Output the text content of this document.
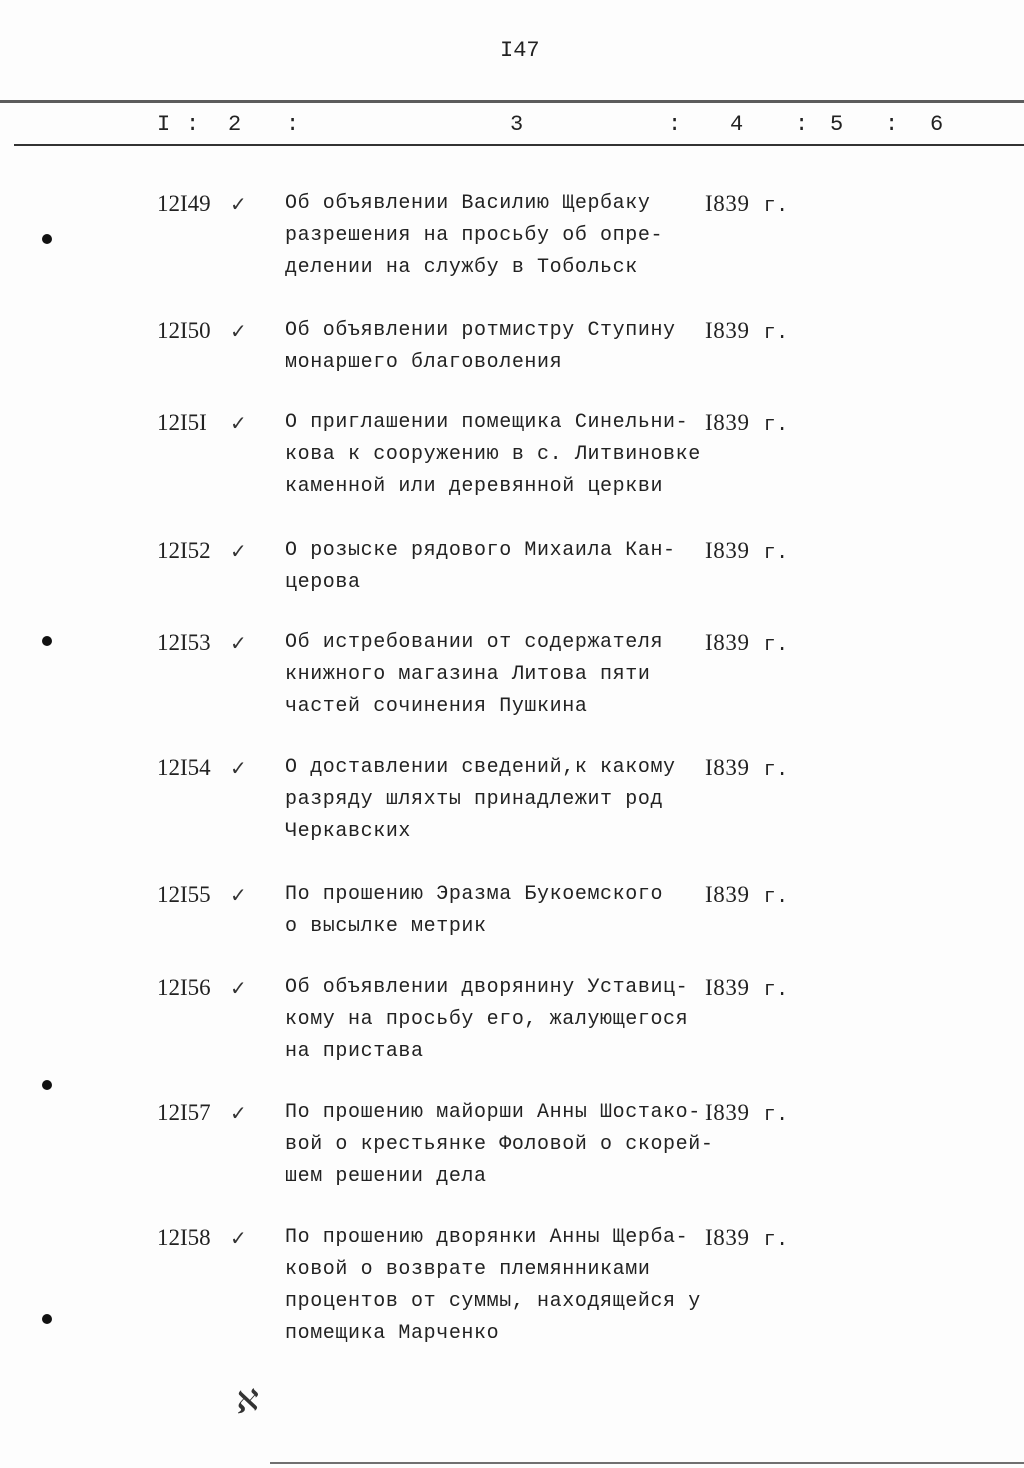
I47
I : 2 :	3	: 4 : 5 : 6
12I49 ✓ Об объявлении Василию Щербаку
разрешения на просьбу об опре-
делении на службу в Тобольск
I839 г.
12I50 ✓ Об объявлении ротмистру Ступину
монаршего благоволения
I839 г.
12I5I ✓ О приглашении помещика Синельни-
кова к сооружению в с. Литвиновке
каменной или деревянной церкви
I839 г.
12I52 ✓ О розыске рядового Михаила Кан-
церова
I839 г.
12I53 ✓ Об истребовании от содержателя
книжного магазина Литова пяти
частей сочинения Пушкина
I839 г.
12I54 ✓ О доставлении сведений,к какому
разряду шляхты принадлежит род
Черкавских
I839 г.
12I55 ✓ По прошению Эразма Букоемского
о высылке метрик
I839 г.
12I56 ✓ Об объявлении дворянину Уставиц-
кому на просьбу его, жалующегося
на пристава
I839 г.
12I57 ✓ По прошению майорши Анны Шостако-
вой о крестьянке Фоловой о скорей-
шем решении дела
I839 г.
12I58 ✓ По прошению дворянки Анны Щерба-
ковой о возврате племянниками
процентов от суммы, находящейся у
помещика Марченко
I839 г.
ℵ
